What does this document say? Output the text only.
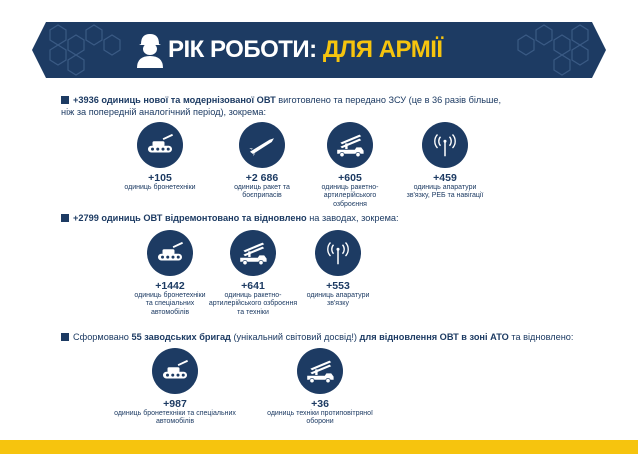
РІК РОБОТИ: ДЛЯ АРМІЇ
+3936 одиниць нової та модернізованої ОВТ виготовлено та передано ЗСУ (це в 36 разів більше,
ніж за попередній аналогічний період), зокрема:
+105
одиниць бронетехніки
+2 686
одиниць ракет та
боєприпасів
+605
одиниць ракетно-
артилерійського
озброєння
+459
одиниць апаратури
зв'язку, РЕБ та навігації
+2799 одиниць ОВТ відремонтовано та відновлено на заводах, зокрема:
+1442
одиниць бронетехніки
та спеціальних
автомобілів
+641
одиниць ракетно-
артилерійського озброєння
та техніки
+553
одиниць апаратури
зв'язку
Сформовано 55 заводських бригад (унікальний світовий досвід!) для відновлення ОВТ в зоні АТО та відновлено:
+987
одиниць бронетехніки та спеціальних
автомобілів
+36
одиниць техніки протиповітряної
оборони
